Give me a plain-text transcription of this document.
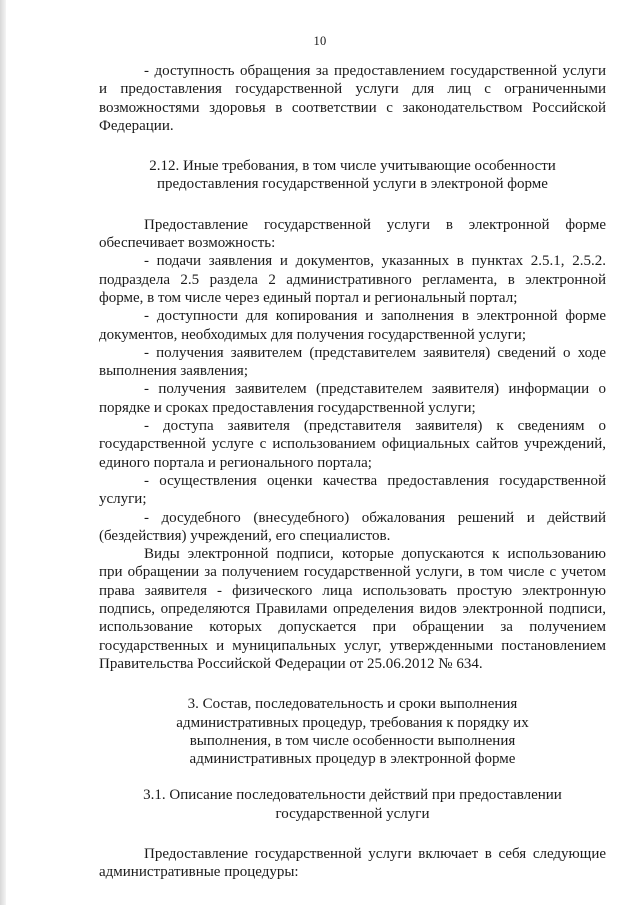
10

- доступность обращения за предоставлением государственной услуги и предоставления государственной услуги для лиц с ограниченными возможностями здоровья в соответствии с законодательством Российской Федерации.

2.12. Иные требования, в том числе учитывающие особенности

предоставления государственной услуги в электроной форме

Предоставление государственной услуги в электронной форме обеспечивает возможность:

- подачи заявления и документов, указанных в пунктах 2.5.1, 2.5.2. подраздела 2.5 раздела 2 административного регламента, в электронной форме, в том числе через единый портал и региональный портал;

- доступности для копирования и заполнения в электронной форме документов, необходимых для получения государственной услуги;

- получения заявителем (представителем заявителя) сведений о ходе выполнения заявления;

- получения заявителем (представителем заявителя) информации о порядке и сроках предоставления государственной услуги;

- доступа заявителя (представителя заявителя) к сведениям о государственной услуге с использованием официальных сайтов учреждений, единого портала и регионального портала;

- осуществления оценки качества предоставления государственной услуги;

- досудебного (внесудебного) обжалования решений и действий (бездействия) учреждений, его специалистов.

Виды электронной подписи, которые допускаются к использованию при обращении за получением государственной услуги, в том числе с учетом права заявителя - физического лица использовать простую электронную подпись, определяются Правилами определения видов электронной подписи, использование которых допускается при обращении за получением государственных и муниципальных услуг, утвержденными постановлением Правительства Российской Федерации от 25.06.2012 № 634.

3. Состав, последовательность и сроки выполнения

административных процедур, требования к порядку их

выполнения, в том числе особенности выполнения

административных процедур в электронной форме

3.1. Описание последовательности действий при предоставлении

государственной услуги

Предоставление государственной услуги включает в себя следующие административные процедуры:
